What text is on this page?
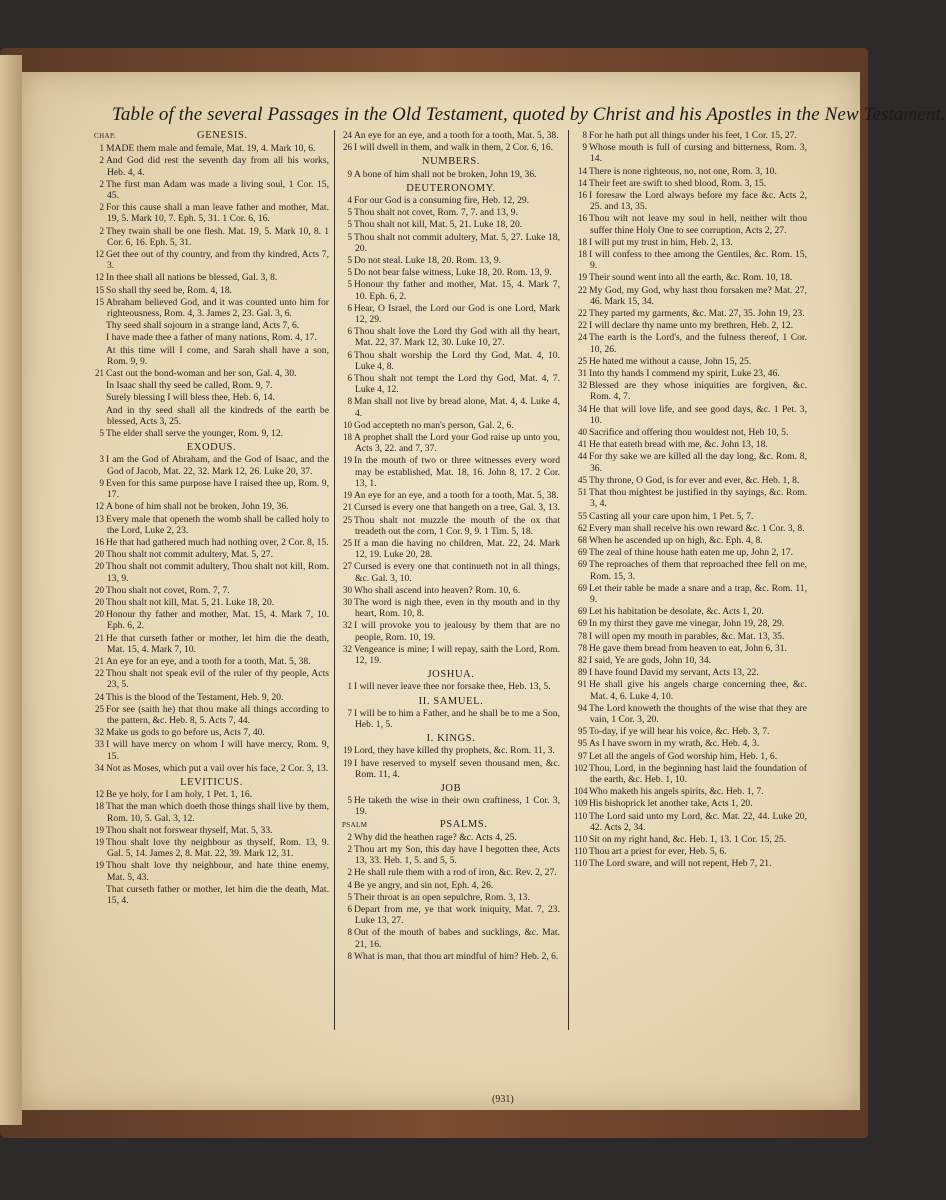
Table of the several Passages in the Old Testament, quoted by Christ and his Apostles in the New Testament.
CHAP.	GENESIS.
1 MADE them male and female, Mat. 19, 4. Mark 10, 6.
2 And God did rest the seventh day from all his works, Heb. 4, 4.
2 The first man Adam was made a living soul, 1 Cor. 15, 45.
2 For this cause shall a man leave father and mother, Mat. 19, 5. Mark 10, 7. Eph. 5, 31. 1 Cor. 6, 16.
2 They twain shall be one flesh. Mat. 19, 5. Mark 10, 8. 1 Cor. 6, 16. Eph. 5, 31.
12 Get thee out of thy country, and from thy kindred, Acts 7, 3.
12 In thee shall all nations be blessed, Gal. 3, 8.
15 So shall thy seed be, Rom. 4, 18.
15 Abraham believed God, and it was counted unto him for righteousness, Rom. 4, 3. James 2, 23. Gal. 3, 6.
Thy seed shall sojourn in a strange land, Acts 7, 6.
I have made thee a father of many nations, Rom. 4, 17.
At this time will I come, and Sarah shall have a son, Rom. 9, 9.
21 Cast out the bond-woman and her son, Gal. 4, 30.
In Isaac shall thy seed be called, Rom. 9, 7.
Surely blessing I will bless thee, Heb. 6, 14.
And in thy seed shall all the kindreds of the earth be blessed, Acts 3, 25.
5 The elder shall serve the younger, Rom. 9, 12.
EXODUS.
3 I am the God of Abraham, and the God of Isaac, and the God of Jacob, Mat. 22, 32. Mark 12, 26. Luke 20, 37.
9 Even for this same purpose have I raised thee up, Rom. 9, 17.
12 A bone of him shall not be broken, John 19, 36.
13 Every male that openeth the womb shall be called holy to the Lord, Luke 2, 23.
16 He that had gathered much had nothing over, 2 Cor. 8, 15.
20 Thou shalt not commit adultery, Mat. 5, 27.
20 Thou shalt not commit adultery, Thou shalt not kill, Rom. 13, 9.
20 Thou shalt not covet, Rom. 7, 7.
20 Thou shalt not kill, Mat. 5, 21. Luke 18, 20.
20 Honour thy father and mother, Mat. 15, 4. Mark 7, 10. Eph. 6, 2.
21 He that curseth father or mother, let him die the death, Mat. 15, 4. Mark 7, 10.
21 An eye for an eye, and a tooth for a tooth, Mat. 5, 38.
22 Thou shalt not speak evil of the ruler of thy people, Acts 23, 5.
24 This is the blood of the Testament, Heb. 9, 20.
25 For see (saith he) that thou make all things according to the pattern, &c. Heb. 8, 5. Acts 7, 44.
32 Make us gods to go before us, Acts 7, 40.
33 I will have mercy on whom I will have mercy, Rom. 9, 15.
34 Not as Moses, which put a vail over his face, 2 Cor. 3, 13.
LEVITICUS.
12 Be ye holy, for I am holy, 1 Pet. 1, 16.
18 That the man which doeth those things shall live by them, Rom. 10, 5. Gal. 3, 12.
19 Thou shalt not forswear thyself, Mat. 5, 33.
19 Thou shalt love thy neighbour as thyself, Rom. 13, 9. Gal. 5, 14. James 2, 8. Mat. 22, 39. Mark 12, 31.
19 Thou shalt love thy neighbour, and hate thine enemy, Mat. 5, 43.
That curseth father or mother, let him die the death, Mat. 15, 4.
24 An eye for an eye, and a tooth for a tooth, Mat. 5, 38.
26 I will dwell in them, and walk in them, 2 Cor. 6, 16.
NUMBERS.
9 A bone of him shall not be broken, John 19, 36.
DEUTERONOMY.
4 For our God is a consuming fire, Heb. 12, 29.
5 Thou shalt not covet, Rom. 7, 7. and 13, 9.
5 Thou shalt not kill, Mat. 5, 21. Luke 18, 20.
5 Thou shalt not commit adultery, Mat. 5, 27. Luke 18, 20.
5 Do not steal. Luke 18, 20. Rom. 13, 9.
5 Do not bear false witness, Luke 18, 20. Rom. 13, 9.
5 Honour thy father and mother, Mat. 15, 4. Mark 7, 10. Eph. 6, 2.
6 Hear, O Israel, the Lord our God is one Lord, Mark 12, 29.
6 Thou shalt love the Lord thy God with all thy heart, Mat. 22, 37. Mark 12, 30. Luke 10, 27.
6 Thou shalt worship the Lord thy God, Mat. 4, 10. Luke 4, 8.
6 Thou shalt not tempt the Lord thy God, Mat. 4, 7. Luke 4, 12.
8 Man shall not live by bread alone, Mat. 4, 4. Luke 4, 4.
10 God accepteth no man's person, Gal. 2, 6.
18 A prophet shall the Lord your God raise up unto you, Acts 3, 22. and 7, 37.
19 In the mouth of two or three witnesses every word may be established, Mat. 18, 16. John 8, 17. 2 Cor. 13, 1.
19 An eye for an eye, and a tooth for a tooth, Mat. 5, 38.
21 Cursed is every one that hangeth on a tree, Gal. 3, 13.
25 Thou shalt not muzzle the mouth of the ox that treadeth out the corn, 1 Cor. 9, 9. 1 Tim. 5, 18.
25 If a man die having no children, Mat. 22, 24. Mark 12, 19. Luke 20, 28.
27 Cursed is every one that continueth not in all things, &c. Gal. 3, 10.
30 Who shall ascend into heaven? Rom. 10, 6.
30 The word is nigh thee, even in thy mouth and in thy heart, Rom. 10, 8.
32 I will provoke you to jealousy by them that are no people, Rom. 10, 19.
32 Vengeance is mine; I will repay, saith the Lord, Rom. 12, 19.
JOSHUA.
1 I will never leave thee nor forsake thee, Heb. 13, 5.
II. SAMUEL.
7 I will be to him a Father, and he shall be to me a Son, Heb. 1, 5.
I. KINGS.
19 Lord, they have killed thy prophets, &c. Rom. 11, 3.
19 I have reserved to myself seven thousand men, &c. Rom. 11, 4.
JOB
5 He taketh the wise in their own craftiness, 1 Cor. 3, 19.
PSALM	PSALMS.
2 Why did the heathen rage? &c. Acts 4, 25.
2 Thou art my Son, this day have I begotten thee, Acts 13, 33. Heb. 1, 5. and 5, 5.
2 He shall rule them with a rod of iron, &c. Rev. 2, 27.
4 Be ye angry, and sin not, Eph. 4, 26.
5 Their throat is an open sepulchre, Rom. 3, 13.
6 Depart from me, ye that work iniquity, Mat. 7, 23. Luke 13, 27.
8 Out of the mouth of babes and sucklings, &c. Mat. 21, 16.
8 What is man, that thou art mindful of him? Heb. 2, 6.
8 For he hath put all things under his feet, 1 Cor. 15, 27.
9 Whose mouth is full of cursing and bitterness, Rom. 3, 14.
14 There is none righteous, no, not one, Rom. 3, 10.
14 Their feet are swift to shed blood, Rom. 3, 15.
16 I foresaw the Lord always before my face &c. Acts 2, 25. and 13, 35.
16 Thou wilt not leave my soul in hell, neither wilt thou suffer thine Holy One to see corruption, Acts 2, 27.
18 I will put my trust in him, Heb. 2, 13.
18 I will confess to thee among the Gentiles, &c. Rom. 15, 9.
19 Their sound went into all the earth, &c. Rom. 10, 18.
22 My God, my God, why hast thou forsaken me? Mat. 27, 46. Mark 15, 34.
22 They parted my garments, &c. Mat. 27, 35. John 19, 23.
22 I will declare thy name unto my brethren, Heb. 2, 12.
24 The earth is the Lord's, and the fulness thereof, 1 Cor. 10, 26.
25 He hated me without a cause, John 15, 25.
31 Into thy hands I commend my spirit, Luke 23, 46.
32 Blessed are they whose iniquities are forgiven, &c. Rom. 4, 7.
34 He that will love life, and see good days, &c. 1 Pet. 3, 10.
40 Sacrifice and offering thou wouldest not, Heb 10, 5.
41 He that eateth bread with me, &c. John 13, 18.
44 For thy sake we are killed all the day long, &c. Rom. 8, 36.
45 Thy throne, O God, is for ever and ever, &c. Heb. 1, 8.
51 That thou mightest be justified in thy sayings, &c. Rom. 3, 4.
55 Casting all your care upon him, 1 Pet. 5, 7.
62 Every man shall receive his own reward &c. 1 Cor. 3, 8.
68 When he ascended up on high, &c. Eph. 4, 8.
69 The zeal of thine house hath eaten me up, John 2, 17.
69 The reproaches of them that reproached thee fell on me, Rom. 15, 3.
69 Let their table be made a snare and a trap, &c. Rom. 11, 9.
69 Let his habitation be desolate, &c. Acts 1, 20.
69 In my thirst they gave me vinegar, John 19, 28, 29.
78 I will open my mouth in parables, &c. Mat. 13, 35.
78 He gave them bread from heaven to eat, John 6, 31.
82 I said, Ye are gods, John 10, 34.
89 I have found David my servant, Acts 13, 22.
91 He shall give his angels charge concerning thee, &c. Mat. 4, 6. Luke 4, 10.
94 The Lord knoweth the thoughts of the wise that they are vain, 1 Cor. 3, 20.
95 To-day, if ye will hear his voice, &c. Heb. 3, 7.
95 As I have sworn in my wrath, &c. Heb. 4, 3.
97 Let all the angels of God worship him, Heb. 1, 6.
102 Thou, Lord, in the beginning hast laid the foundation of the earth, &c. Heb. 1, 10.
104 Who maketh his angels spirits, &c. Heb. 1, 7.
109 His bishoprick let another take, Acts 1, 20.
110 The Lord said unto my Lord, &c. Mat. 22, 44. Luke 20, 42. Acts 2, 34.
110 Sit on my right hand, &c. Heb. 1, 13. 1 Cor. 15, 25.
110 Thou art a priest for ever, Heb. 5, 6.
110 The Lord sware, and will not repent, Heb 7, 21.
(931)
